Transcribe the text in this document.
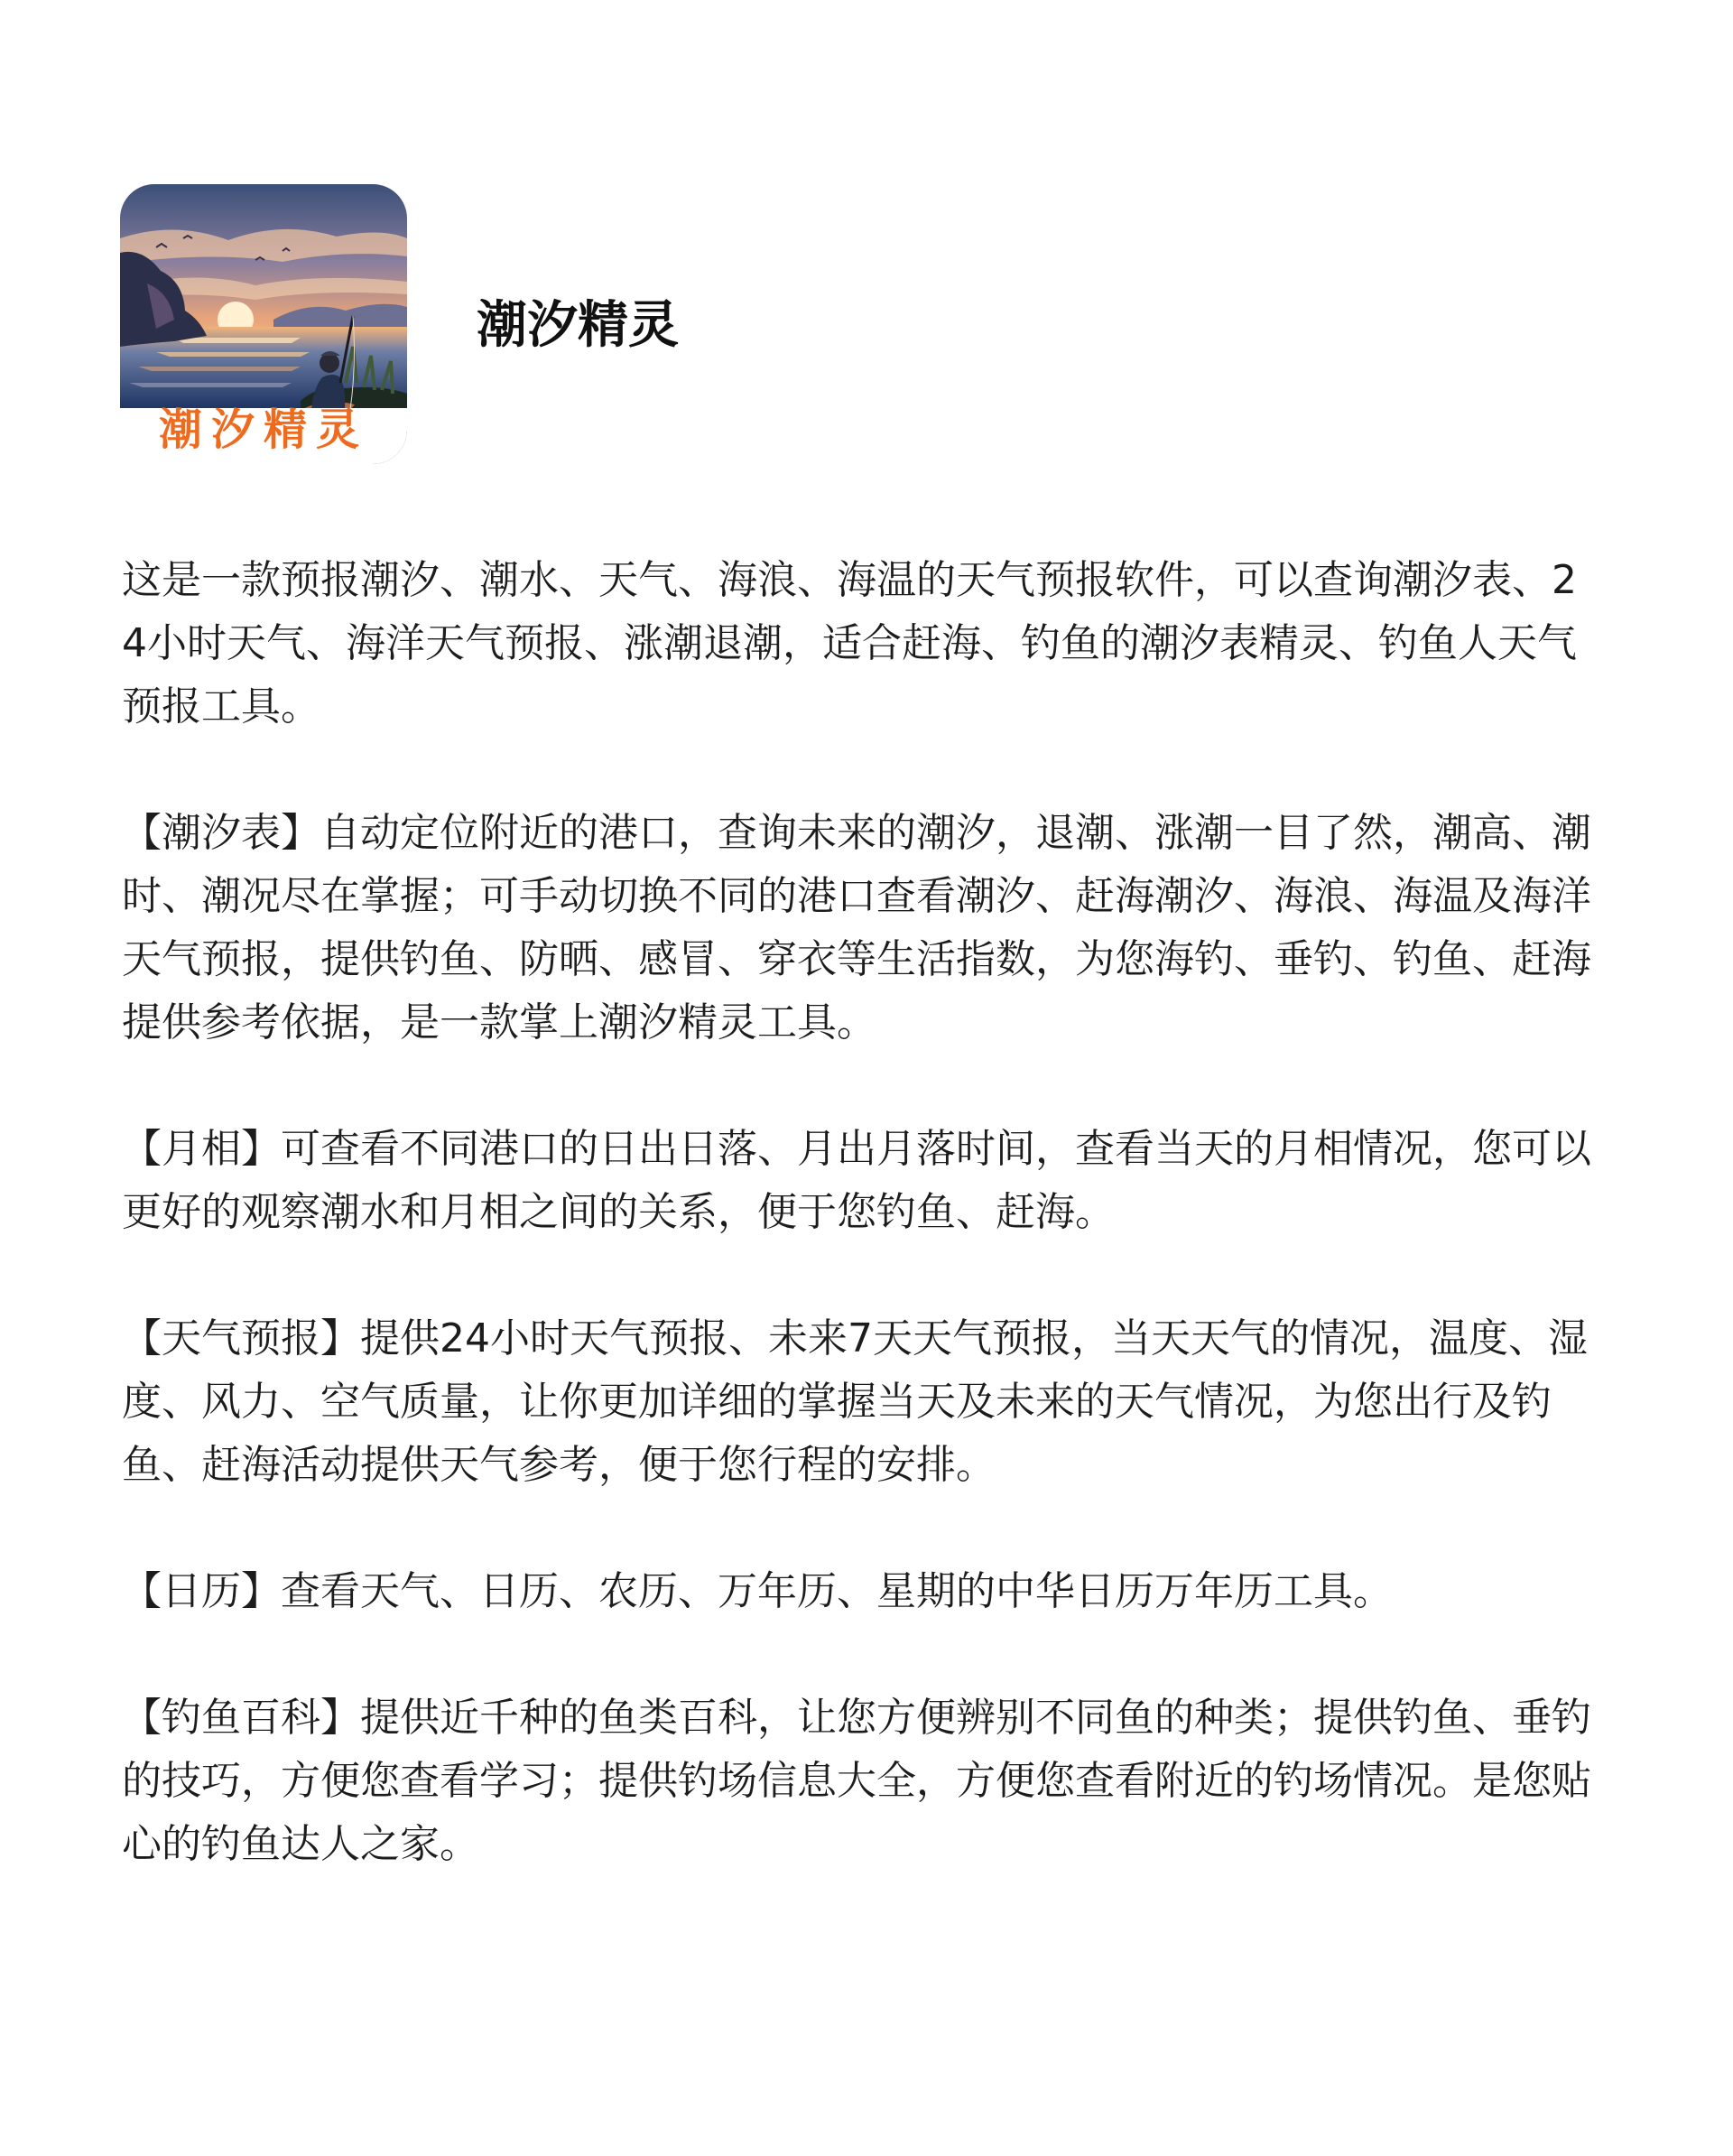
潮汐精灵
潮汐精灵

这是一款预报潮汐、潮水、天气、海浪、海温的天气预报软件，可以查询潮汐表、24小时天气、海洋天气预报、涨潮退潮，适合赶海、钓鱼的潮汐表精灵、钓鱼人天气预报工具。

【潮汐表】自动定位附近的港口，查询未来的潮汐，退潮、涨潮一目了然，潮高、潮时、潮况尽在掌握；可手动切换不同的港口查看潮汐、赶海潮汐、海浪、海温及海洋天气预报，提供钓鱼、防晒、感冒、穿衣等生活指数，为您海钓、垂钓、钓鱼、赶海提供参考依据，是一款掌上潮汐精灵工具。

【月相】可查看不同港口的日出日落、月出月落时间，查看当天的月相情况，您可以更好的观察潮水和月相之间的关系，便于您钓鱼、赶海。

【天气预报】提供24小时天气预报、未来7天天气预报，当天天气的情况，温度、湿度、风力、空气质量，让你更加详细的掌握当天及未来的天气情况，为您出行及钓鱼、赶海活动提供天气参考，便于您行程的安排。

【日历】查看天气、日历、农历、万年历、星期的中华日历万年历工具。

【钓鱼百科】提供近千种的鱼类百科，让您方便辨别不同鱼的种类；提供钓鱼、垂钓的技巧，方便您查看学习；提供钓场信息大全，方便您查看附近的钓场情况。是您贴心的钓鱼达人之家。
